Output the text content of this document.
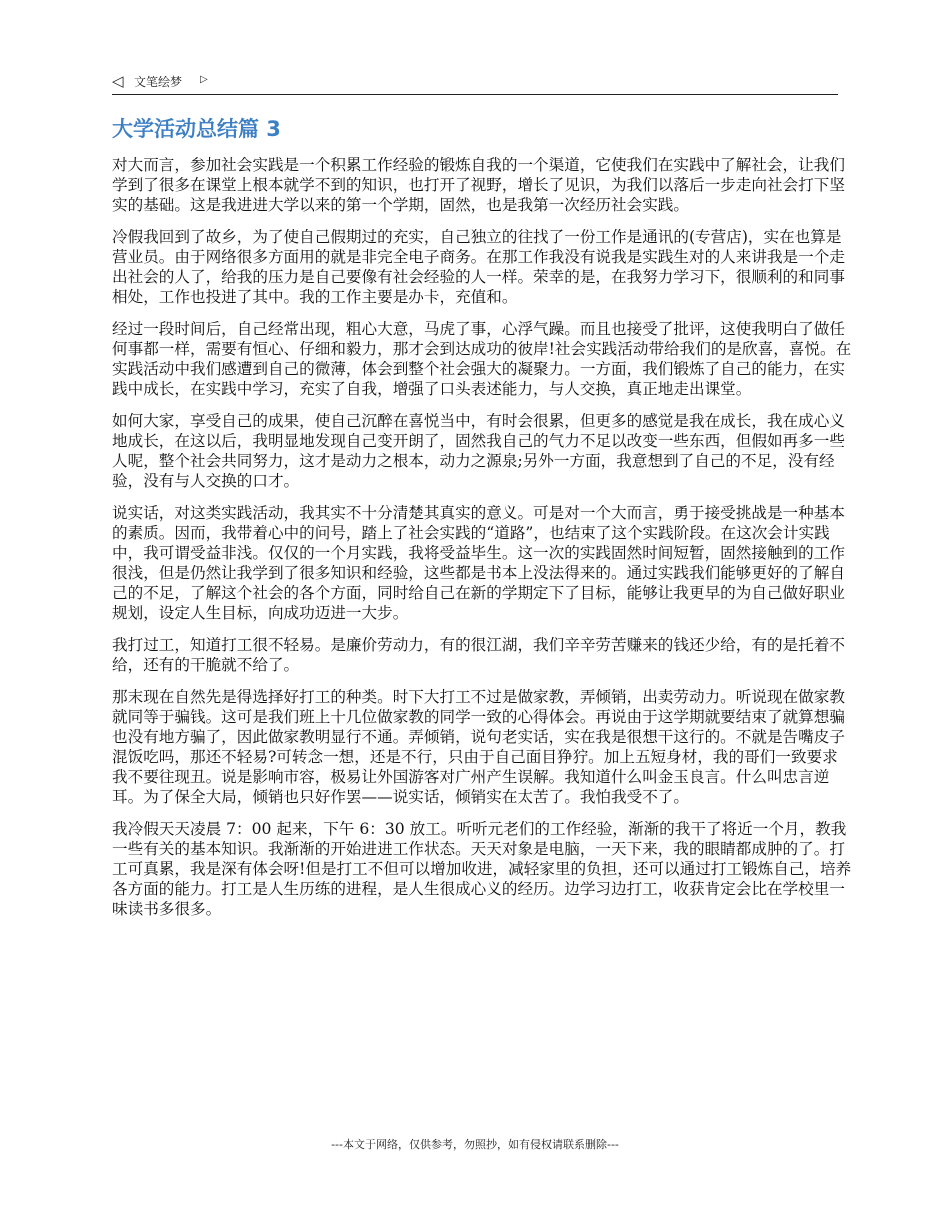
◁ 文笔绘梦 ▷
大学活动总结篇 3

对大而言，参加社会实践是一个积累工作经验的锻炼自我的一个渠道，它使我们在实践中了解社会，让我们学到了很多在课堂上根本就学不到的知识，也打开了视野，增长了见识，为我们以落后一步走向社会打下坚实的基础。这是我进进大学以来的第一个学期，固然，也是我第一次经历社会实践。

冷假我回到了故乡，为了使自己假期过的充实，自己独立的往找了一份工作是通讯的(专营店)，实在也算是营业员。由于网络很多方面用的就是非完全电子商务。在那工作我没有说我是实践生对的人来讲我是一个走出社会的人了，给我的压力是自己要像有社会经验的人一样。荣幸的是，在我努力学习下，很顺利的和同事相处，工作也投进了其中。我的工作主要是办卡，充值和。

经过一段时间后，自己经常出现，粗心大意，马虎了事，心浮气躁。而且也接受了批评，这使我明白了做任何事都一样，需要有恒心、仔细和毅力，那才会到达成功的彼岸!社会实践活动带给我们的是欣喜，喜悦。在实践活动中我们感遭到自己的微薄，体会到整个社会强大的凝聚力。一方面，我们锻炼了自己的能力，在实践中成长，在实践中学习，充实了自我，增强了口头表述能力，与人交换，真正地走出课堂。

如何大家，享受自己的成果，使自己沉醉在喜悦当中，有时会很累，但更多的感觉是我在成长，我在成心义地成长，在这以后，我明显地发现自己变开朗了，固然我自己的气力不足以改变一些东西，但假如再多一些人呢，整个社会共同努力，这才是动力之根本，动力之源泉;另外一方面，我意想到了自己的不足，没有经验，没有与人交换的口才。

说实话，对这类实践活动，我其实不十分清楚其真实的意义。可是对一个大而言，勇于接受挑战是一种基本的素质。因而，我带着心中的问号，踏上了社会实践的“道路”，也结束了这个实践阶段。在这次会计实践中，我可谓受益非浅。仅仅的一个月实践，我将受益毕生。这一次的实践固然时间短暂，固然接触到的工作很浅，但是仍然让我学到了很多知识和经验，这些都是书本上没法得来的。通过实践我们能够更好的了解自己的不足，了解这个社会的各个方面，同时给自己在新的学期定下了目标，能够让我更早的为自己做好职业规划，设定人生目标，向成功迈进一大步。

我打过工，知道打工很不轻易。是廉价劳动力，有的很江湖，我们辛辛劳苦赚来的钱还少给，有的是托着不给，还有的干脆就不给了。

那末现在自然先是得选择好打工的种类。时下大打工不过是做家教，弄倾销，出卖劳动力。听说现在做家教就同等于骗钱。这可是我们班上十几位做家教的同学一致的心得体会。再说由于这学期就要结束了就算想骗也没有地方骗了，因此做家教明显行不通。弄倾销，说句老实话，实在我是很想干这行的。不就是告嘴皮子混饭吃吗，那还不轻易?可转念一想，还是不行，只由于自己面目狰狞。加上五短身材，我的哥们一致要求我不要往现丑。说是影响市容，极易让外国游客对广州产生误解。我知道什么叫金玉良言。什么叫忠言逆耳。为了保全大局，倾销也只好作罢——说实话，倾销实在太苦了。我怕我受不了。

我冷假天天凌晨 7：00 起来，下午 6：30 放工。听听元老们的工作经验，渐渐的我干了将近一个月，教我一些有关的基本知识。我渐渐的开始进进工作状态。天天对象是电脑，一天下来，我的眼睛都成肿的了。打工可真累，我是深有体会呀!但是打工不但可以增加收进，减轻家里的负担，还可以通过打工锻炼自己，培养各方面的能力。打工是人生历练的进程，是人生很成心义的经历。边学习边打工，收获肯定会比在学校里一味读书多很多。

---本文于网络，仅供参考，勿照抄，如有侵权请联系删除---
